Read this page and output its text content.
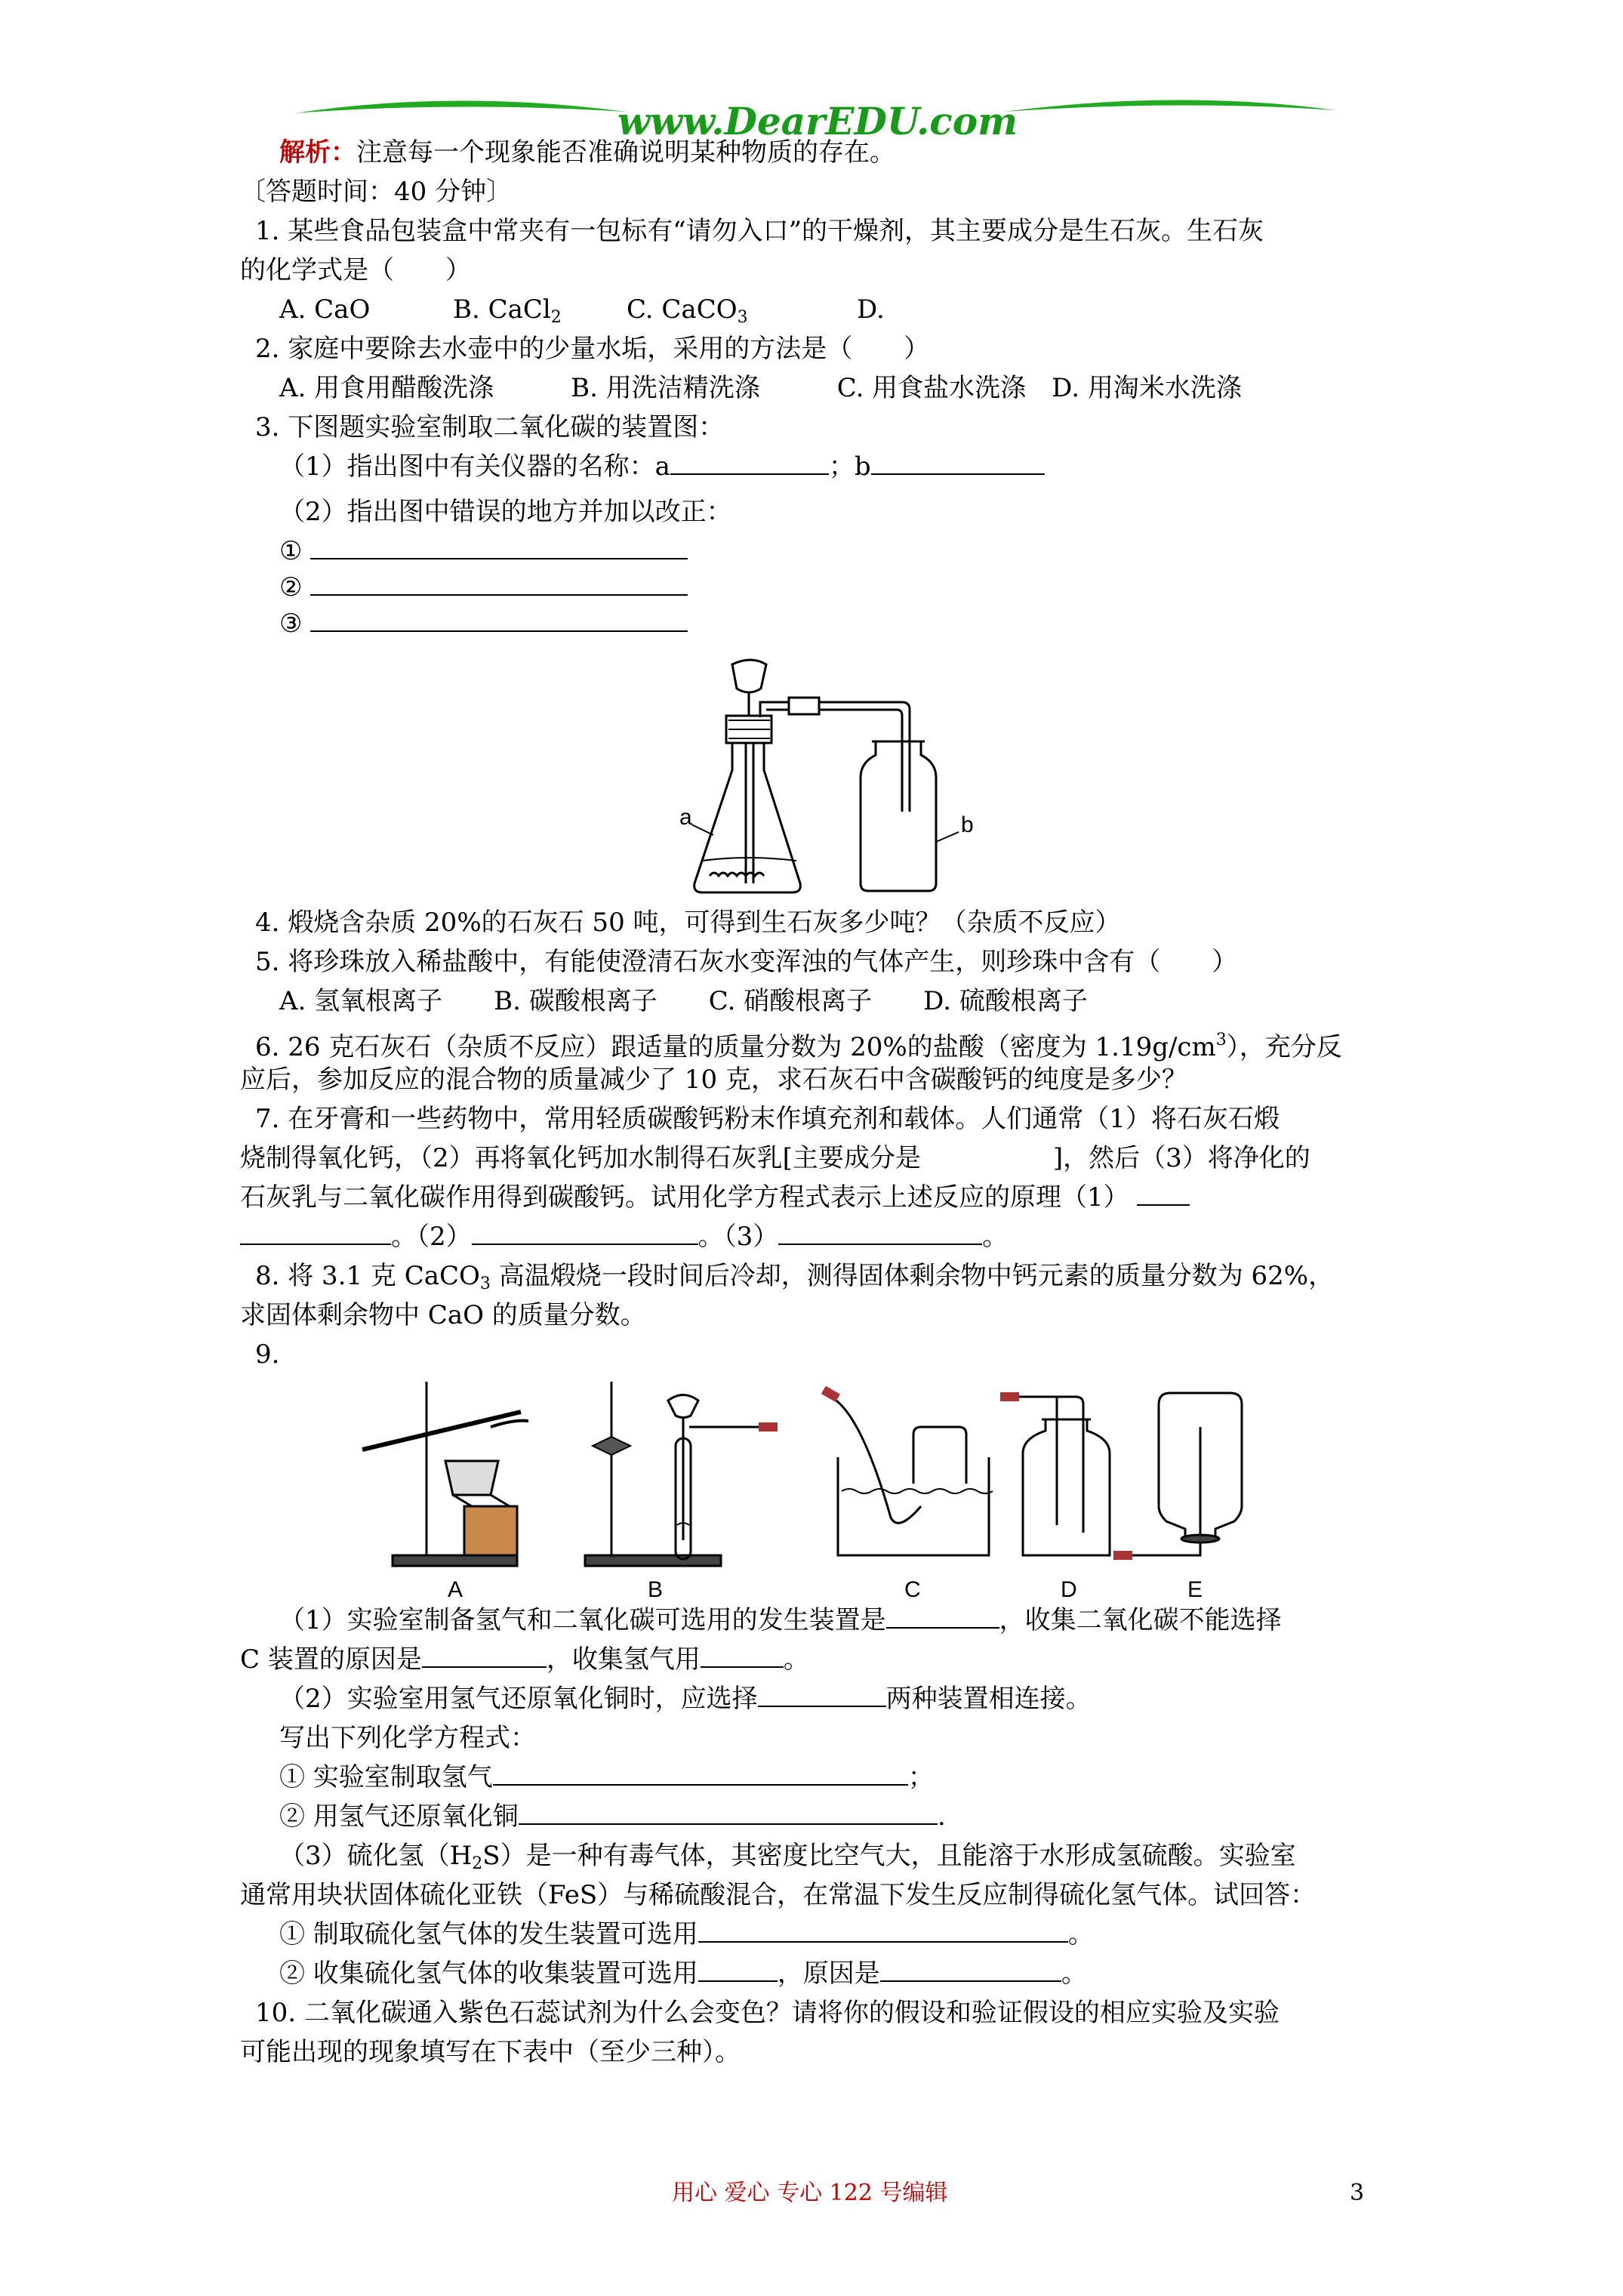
www.DearEDU.com
解析：注意每一个现象能否准确说明某种物质的存在。
〔答题时间：40 分钟〕
1. 某些食品包装盒中常夹有一包标有“请勿入口”的干燥剂，其主要成分是生石灰。生石灰
的化学式是（　　）
A. CaO	B. CaCl$_2$	C. CaCO$_3$	D.
2. 家庭中要除去水壶中的少量水垢，采用的方法是（　　）
A. 用食用醋酸洗涤　　　B. 用洗洁精洗涤　　　C. 用食盐水洗涤　D. 用淘米水洗涤
3. 下图题实验室制取二氧化碳的装置图：
（1）指出图中有关仪器的名称：a	；b
（2）指出图中错误的地方并加以改正：
①
②
③
a	b
4. 煅烧含杂质 20%的石灰石 50 吨，可得到生石灰多少吨？（杂质不反应）
5. 将珍珠放入稀盐酸中，有能使澄清石灰水变浑浊的气体产生，则珍珠中含有（　　）
A. 氢氧根离子　　B. 碳酸根离子　　C. 硝酸根离子　　D. 硫酸根离子
6. 26 克石灰石（杂质不反应）跟适量的质量分数为 20%的盐酸（密度为 $1.19g/cm^3$），充分反
应后，参加反应的混合物的质量减少了 10 克，求石灰石中含碳酸钙的纯度是多少？
7. 在牙膏和一些药物中，常用轻质碳酸钙粉末作填充剂和载体。人们通常（1）将石灰石煅
烧制得氧化钙，（2）再将氧化钙加水制得石灰乳[主要成分是	]，然后（3）将净化的
石灰乳与二氧化碳作用得到碳酸钙。试用化学方程式表示上述反应的原理（1）
。（2）	。（3）	。
8. 将 3.1 克 CaCO$_3$ 高温煅烧一段时间后冷却，测得固体剩余物中钙元素的质量分数为 62%，
求固体剩余物中 CaO 的质量分数。
9.
A	B	C	D	E
（1）实验室制备氢气和二氧化碳可选用的发生装置是	，收集二氧化碳不能选择
C 装置的原因是	，收集氢气用	。
（2）实验室用氢气还原氧化铜时，应选择	两种装置相连接。
写出下列化学方程式：
① 实验室制取氢气	；
② 用氢气还原氧化铜	.
（3）硫化氢$(H_2S)$是一种有毒气体，其密度比空气大，且能溶于水形成氢硫酸。实验室
通常用块状固体硫化亚铁（FeS）与稀硫酸混合，在常温下发生反应制得硫化氢气体。试回答：
① 制取硫化氢气体的发生装置可选用	。
② 收集硫化氢气体的收集装置可选用	，原因是	。
10. 二氧化碳通入紫色石蕊试剂为什么会变色？请将你的假设和验证假设的相应实验及实验
可能出现的现象填写在下表中（至少三种）。
用心 爱心 专心 122 号编辑	3
